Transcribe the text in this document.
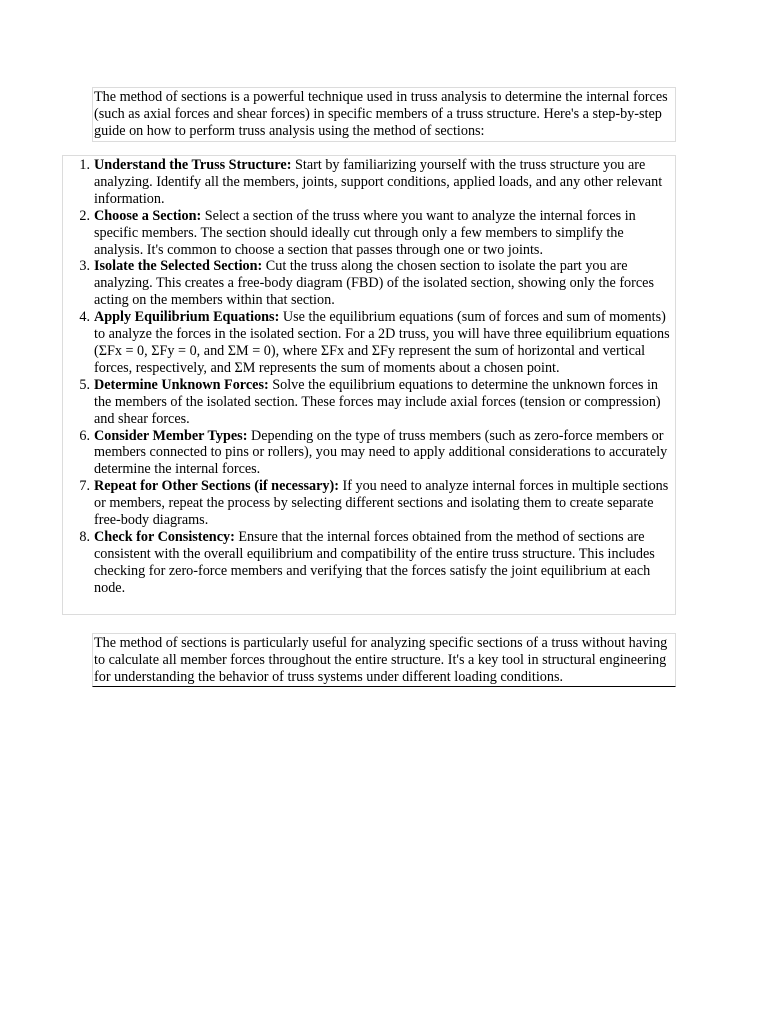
The method of sections is a powerful technique used in truss analysis to determine the internal forces (such as axial forces and shear forces) in specific members of a truss structure. Here's a step-by-step guide on how to perform truss analysis using the method of sections:

1. Understand the Truss Structure: Start by familiarizing yourself with the truss structure you are analyzing. Identify all the members, joints, support conditions, applied loads, and any other relevant information.
2. Choose a Section: Select a section of the truss where you want to analyze the internal forces in specific members. The section should ideally cut through only a few members to simplify the analysis. It's common to choose a section that passes through one or two joints.
3. Isolate the Selected Section: Cut the truss along the chosen section to isolate the part you are analyzing. This creates a free-body diagram (FBD) of the isolated section, showing only the forces acting on the members within that section.
4. Apply Equilibrium Equations: Use the equilibrium equations (sum of forces and sum of moments) to analyze the forces in the isolated section. For a 2D truss, you will have three equilibrium equations (ΣFx = 0, ΣFy = 0, and ΣM = 0), where ΣFx and ΣFy represent the sum of horizontal and vertical forces, respectively, and ΣM represents the sum of moments about a chosen point.
5. Determine Unknown Forces: Solve the equilibrium equations to determine the unknown forces in the members of the isolated section. These forces may include axial forces (tension or compression) and shear forces.
6. Consider Member Types: Depending on the type of truss members (such as zero-force members or members connected to pins or rollers), you may need to apply additional considerations to accurately determine the internal forces.
7. Repeat for Other Sections (if necessary): If you need to analyze internal forces in multiple sections or members, repeat the process by selecting different sections and isolating them to create separate free-body diagrams.
8. Check for Consistency: Ensure that the internal forces obtained from the method of sections are consistent with the overall equilibrium and compatibility of the entire truss structure. This includes checking for zero-force members and verifying that the forces satisfy the joint equilibrium at each node.

The method of sections is particularly useful for analyzing specific sections of a truss without having to calculate all member forces throughout the entire structure. It's a key tool in structural engineering for understanding the behavior of truss systems under different loading conditions.
